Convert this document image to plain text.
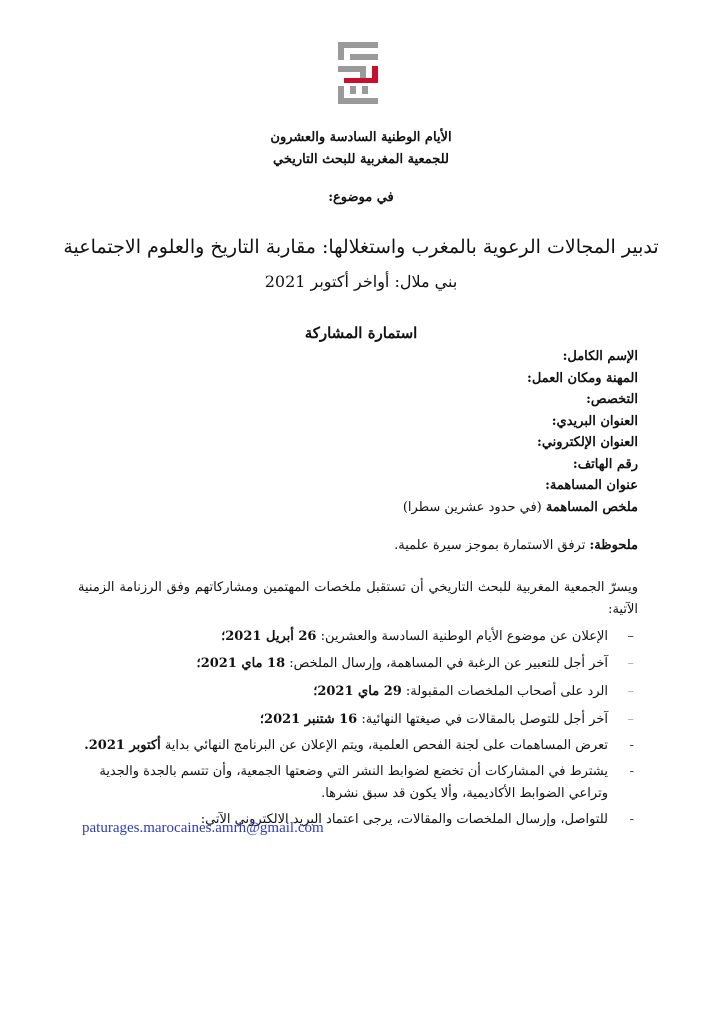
الأيام الوطنية السادسة والعشرون
للجمعية المغربية للبحث التاريخي
في موضوع:
تدبير المجالات الرعوية بالمغرب واستغلالها: مقاربة التاريخ والعلوم الاجتماعية
بني ملال: أواخر أكتوبر 2021
استمارة المشاركة
الإسم الكامل:
المهنة ومكان العمل:
التخصص:
العنوان البريدي:
العنوان الإلكتروني:
رقم الهاتف:
عنوان المساهمة:
ملخص المساهمة (في حدود عشرين سطرا)
ملحوظة: ترفق الاستمارة بموجز سيرة علمية.
ويسرّ الجمعية المغربية للبحث التاريخي أن تستقبل ملخصات المهتمين ومشاركاتهم وفق الرزنامة الزمنية الآتية:
–
الإعلان عن موضوع الأيام الوطنية السادسة والعشرين: 26 أبريل 2021؛
–
آخر أجل للتعبير عن الرغبة في المساهمة، وإرسال الملخص: 18 ماي 2021؛
–
الرد على أصحاب الملخصات المقبولة: 29 ماي 2021؛
–
آخر أجل للتوصل بالمقالات في صيغتها النهائية: 16 شتنبر 2021؛
-
تعرض المساهمات على لجنة الفحص العلمية، ويتم الإعلان عن البرنامج النهائي بداية أكتوبر 2021.
-
يشترط في المشاركات أن تخضع لضوابط النشر التي وضعتها الجمعية، وأن تتسم بالجدة والجدية وتراعي الضوابط الأكاديمية، وألا يكون قد سبق نشرها.
-
للتواصل، وإرسال الملخصات والمقالات، يرجى اعتماد البريد الالكتروني الآتي:
paturages.marocaines.amrh@gmail.com
